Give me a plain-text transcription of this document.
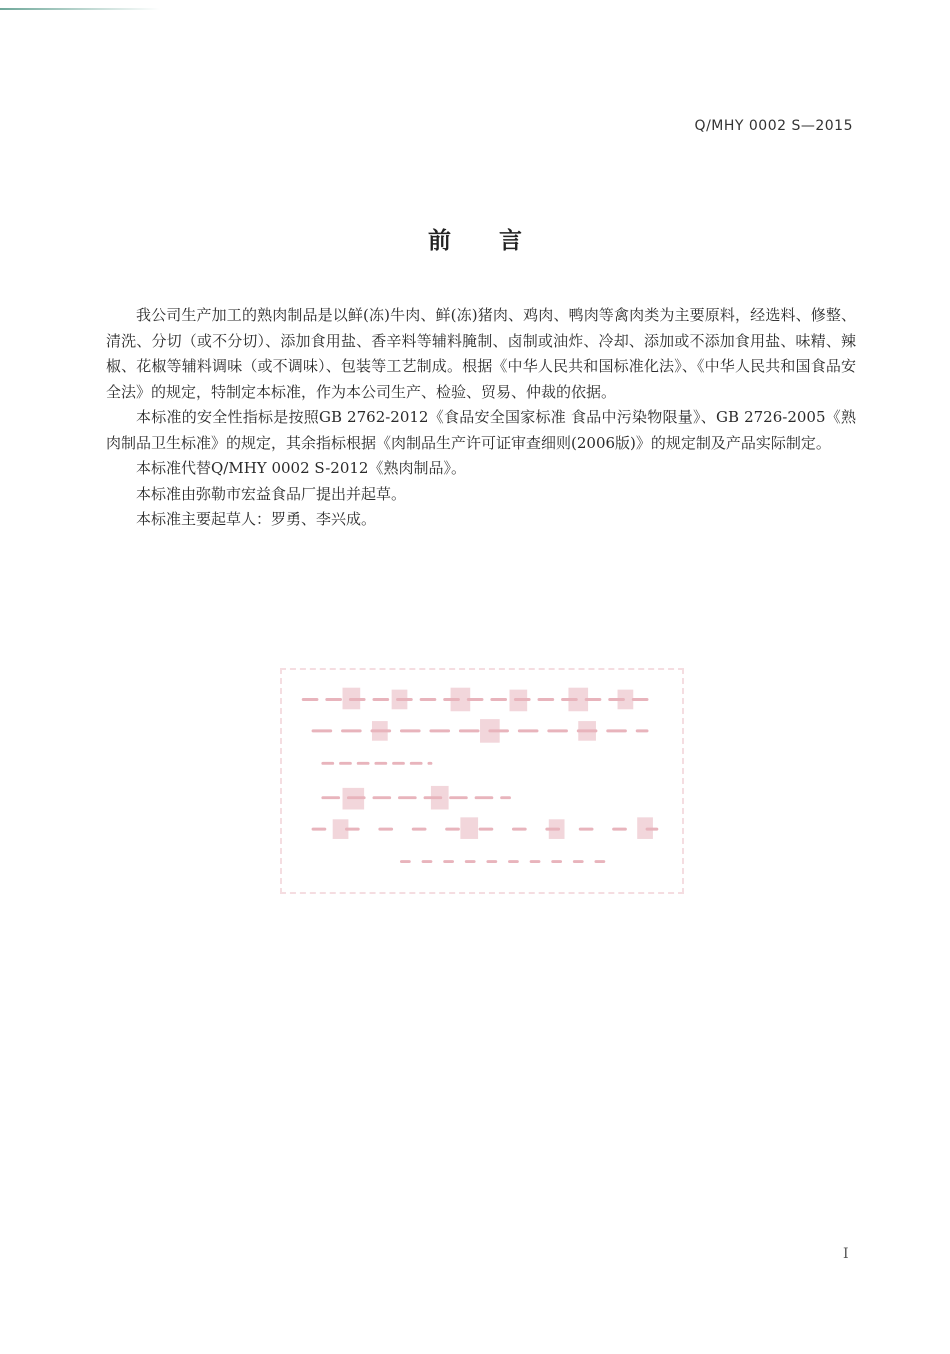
Q/MHY 0002 S—2015
前言

我公司生产加工的熟肉制品是以鲜(冻)牛肉、鲜(冻)猪肉、鸡肉、鸭肉等禽肉类为主要原料，经选料、修整、清洗、分切（或不分切）、添加食用盐、香辛料等辅料腌制、卤制或油炸、冷却、添加或不添加食用盐、味精、辣椒、花椒等辅料调味（或不调味）、包装等工艺制成。根据《中华人民共和国标准化法》、《中华人民共和国食品安全法》的规定，特制定本标准，作为本公司生产、检验、贸易、仲裁的依据。

本标准的安全性指标是按照GB 2762-2012《食品安全国家标准 食品中污染物限量》、GB 2726-2005《熟肉制品卫生标准》的规定，其余指标根据《肉制品生产许可证审查细则(2006版)》的规定制及产品实际制定。

本标准代替Q/MHY 0002 S-2012《熟肉制品》。

本标准由弥勒市宏益食品厂提出并起草。

本标准主要起草人：罗勇、李兴成。

I
